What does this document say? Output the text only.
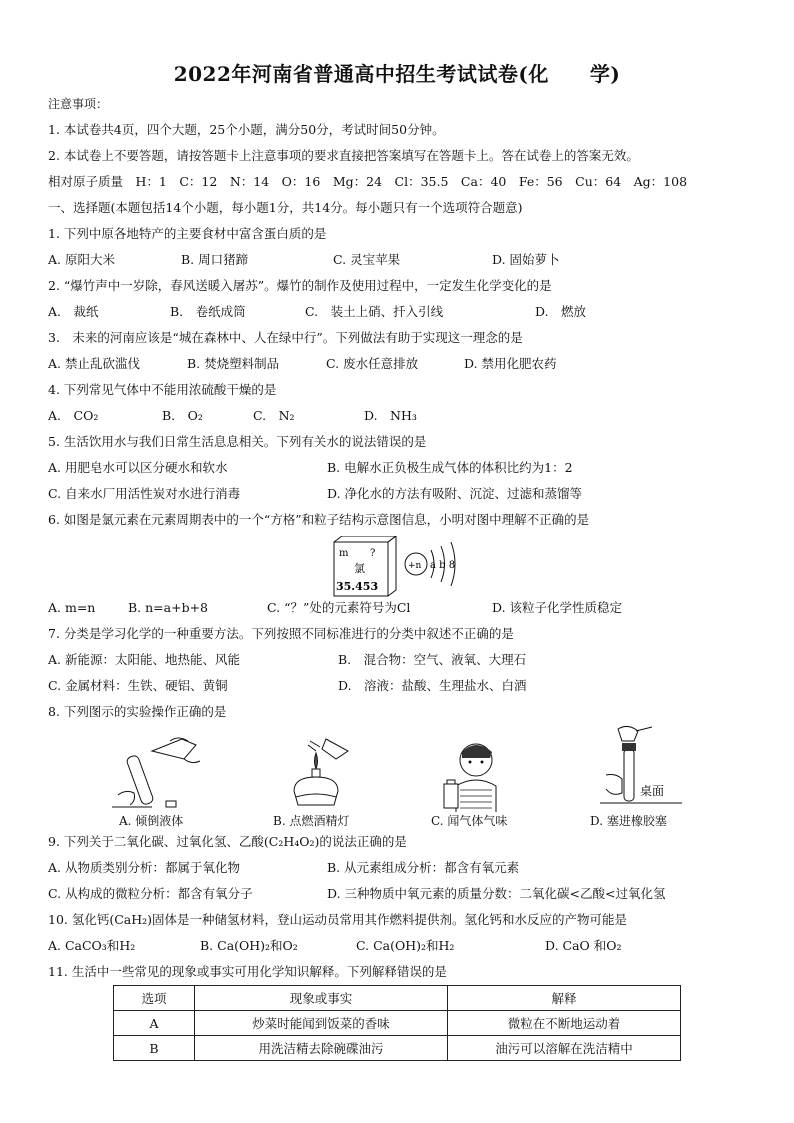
2022年河南省普通高中招生考试试卷(化　　学)
注意事项：
1. 本试卷共4页，四个大题，25个小题，满分50分，考试时间50分钟。
2. 本试卷上不要答题，请按答题卡上注意事项的要求直接把答案填写在答题卡上。答在试卷上的答案无效。
相对原子质量　H：1　C：12　N：14　O：16　Mg：24　Cl：35.5　Ca：40　Fe：56　Cu：64　Ag：108
一、选择题(本题包括14个小题，每小题1分，共14分。每小题只有一个选项符合题意)
1. 下列中原各地特产的主要食材中富含蛋白质的是
A. 原阳大米	B. 周口猪蹄	C. 灵宝苹果	D. 固始萝卜
2. “爆竹声中一岁除，春风送暖入屠苏”。爆竹的制作及使用过程中，一定发生化学变化的是
A.　裁纸	B.　卷纸成筒	C.　装土上硝、扦入引线	D.　燃放
3.　未来的河南应该是“城在森林中、人在绿中行”。下列做法有助于实现这一理念的是
A. 禁止乱砍滥伐	B. 焚烧塑料制品	C. 废水任意排放	D. 禁用化肥农药
4. 下列常见气体中不能用浓硫酸干燥的是
A.　CO₂	B.　O₂	C.　N₂	D.　NH₃
5. 生活饮用水与我们日常生活息息相关。下列有关水的说法错误的是
A. 用肥皂水可以区分硬水和软水	B. 电解水正负极生成气体的体积比约为1：2
C. 自来水厂用活性炭对水进行消毒	D. 净化水的方法有吸附、沉淀、过滤和蒸馏等
6. 如图是氯元素在元素周期表中的一个“方格”和粒子结构示意图信息，小明对图中理解不正确的是
m ?
氯
35.453
+n a b 8
A. m=n	B. n=a+b+8	C. “？”处的元素符号为Cl	D. 该粒子化学性质稳定
7. 分类是学习化学的一种重要方法。下列按照不同标准进行的分类中叙述不正确的是
A. 新能源：太阳能、地热能、风能	B.　混合物：空气、液氧、大理石
C. 金属材料：生铁、硬铝、黄铜	D.　溶液：盐酸、生理盐水、白酒
8. 下列图示的实验操作正确的是
桌面
A. 倾倒液体	B. 点燃酒精灯	C. 闻气体气味	D. 塞进橡胶塞
9. 下列关于二氧化碳、过氧化氢、乙酸(C₂H₄O₂)的说法正确的是
A. 从物质类别分析：都属于氧化物	B. 从元素组成分析：都含有氧元素
C. 从构成的微粒分析：都含有氧分子	D. 三种物质中氧元素的质量分数：二氧化碳<乙酸<过氧化氢
10. 氢化钙(CaH₂)固体是一种储氢材料，登山运动员常用其作燃料提供剂。氢化钙和水反应的产物可能是
A. CaCO₃和H₂	B. Ca(OH)₂和O₂	C. Ca(OH)₂和H₂	D. CaO 和O₂
11. 生活中一些常见的现象或事实可用化学知识解释。下列解释错误的是
选项	现象或事实	解释
A	炒菜时能闻到饭菜的香味	微粒在不断地运动着
B	用洗洁精去除碗碟油污	油污可以溶解在洗洁精中
